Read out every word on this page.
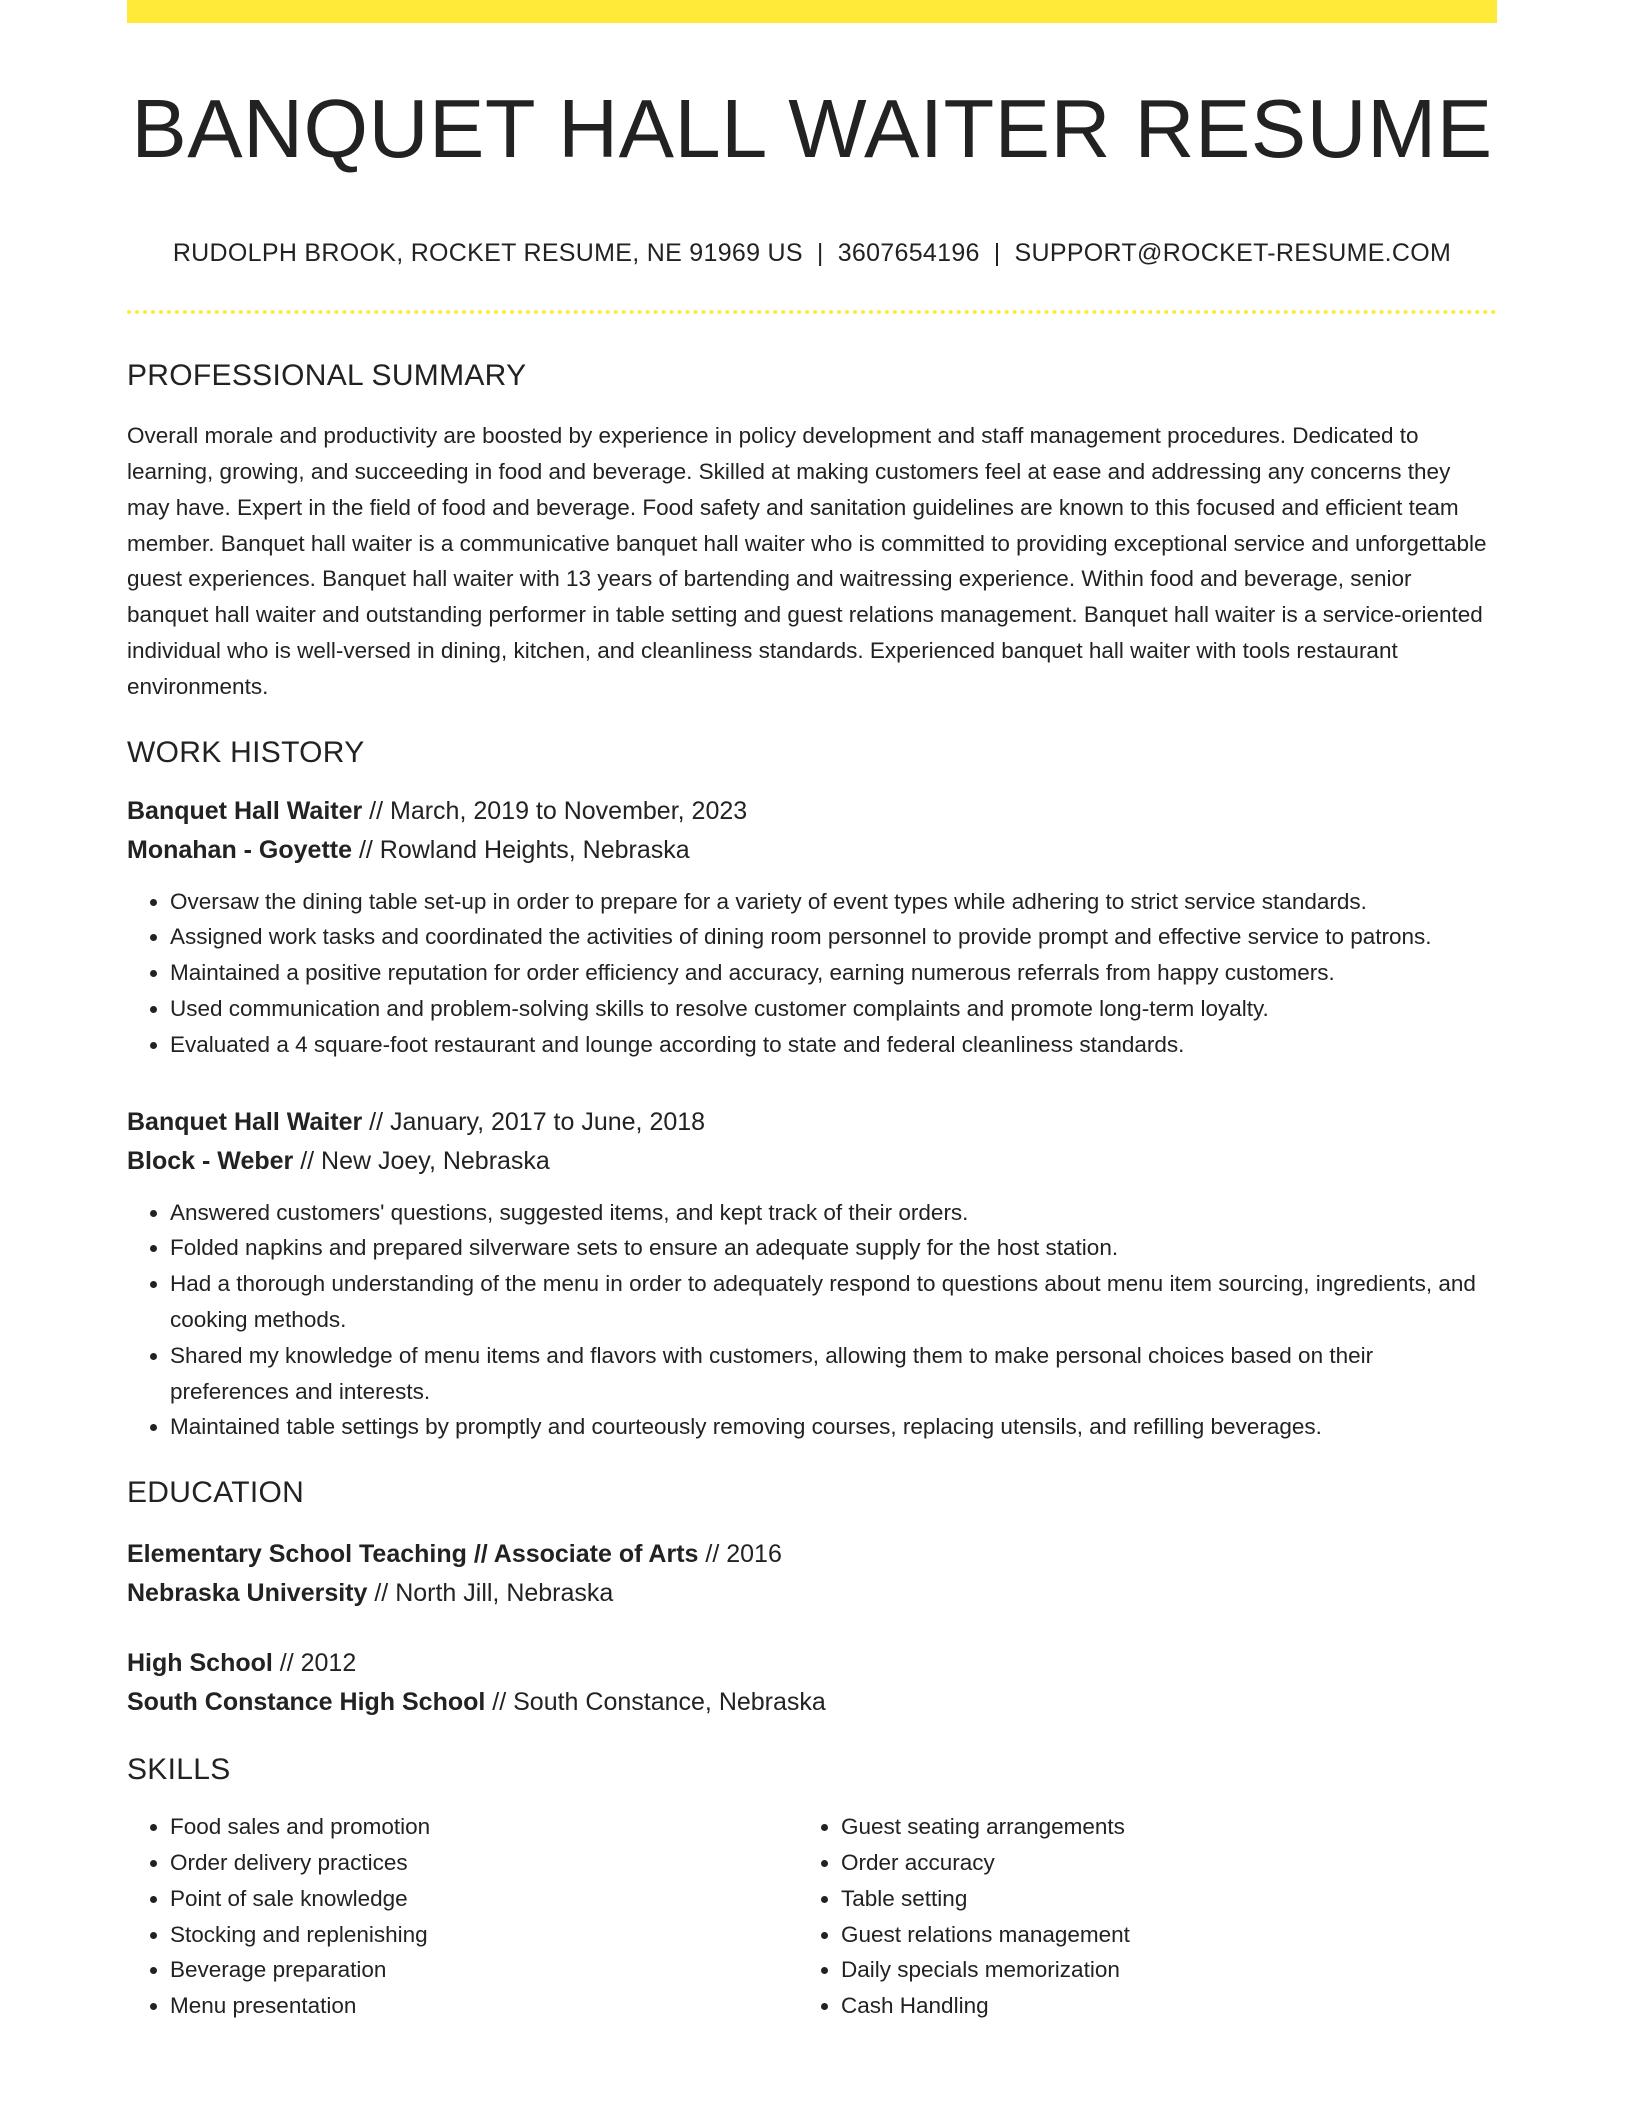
BANQUET HALL WAITER RESUME
RUDOLPH BROOK, ROCKET RESUME, NE 91969 US | 3607654196 | SUPPORT@ROCKET-RESUME.COM
PROFESSIONAL SUMMARY
Overall morale and productivity are boosted by experience in policy development and staff management procedures. Dedicated to learning, growing, and succeeding in food and beverage. Skilled at making customers feel at ease and addressing any concerns they may have. Expert in the field of food and beverage. Food safety and sanitation guidelines are known to this focused and efficient team member. Banquet hall waiter is a communicative banquet hall waiter who is committed to providing exceptional service and unforgettable guest experiences. Banquet hall waiter with 13 years of bartending and waitressing experience. Within food and beverage, senior banquet hall waiter and outstanding performer in table setting and guest relations management. Banquet hall waiter is a service-oriented individual who is well-versed in dining, kitchen, and cleanliness standards. Experienced banquet hall waiter with tools restaurant environments.
WORK HISTORY
Banquet Hall Waiter // March, 2019 to November, 2023
Monahan - Goyette // Rowland Heights, Nebraska
• Oversaw the dining table set-up in order to prepare for a variety of event types while adhering to strict service standards.
• Assigned work tasks and coordinated the activities of dining room personnel to provide prompt and effective service to patrons.
• Maintained a positive reputation for order efficiency and accuracy, earning numerous referrals from happy customers.
• Used communication and problem-solving skills to resolve customer complaints and promote long-term loyalty.
• Evaluated a 4 square-foot restaurant and lounge according to state and federal cleanliness standards.
Banquet Hall Waiter // January, 2017 to June, 2018
Block - Weber // New Joey, Nebraska
• Answered customers' questions, suggested items, and kept track of their orders.
• Folded napkins and prepared silverware sets to ensure an adequate supply for the host station.
• Had a thorough understanding of the menu in order to adequately respond to questions about menu item sourcing, ingredients, and cooking methods.
• Shared my knowledge of menu items and flavors with customers, allowing them to make personal choices based on their preferences and interests.
• Maintained table settings by promptly and courteously removing courses, replacing utensils, and refilling beverages.
EDUCATION
Elementary School Teaching // Associate of Arts // 2016
Nebraska University // North Jill, Nebraska
High School // 2012
South Constance High School // South Constance, Nebraska
SKILLS
• Food sales and promotion
• Order delivery practices
• Point of sale knowledge
• Stocking and replenishing
• Beverage preparation
• Menu presentation
• Guest seating arrangements
• Order accuracy
• Table setting
• Guest relations management
• Daily specials memorization
• Cash Handling
